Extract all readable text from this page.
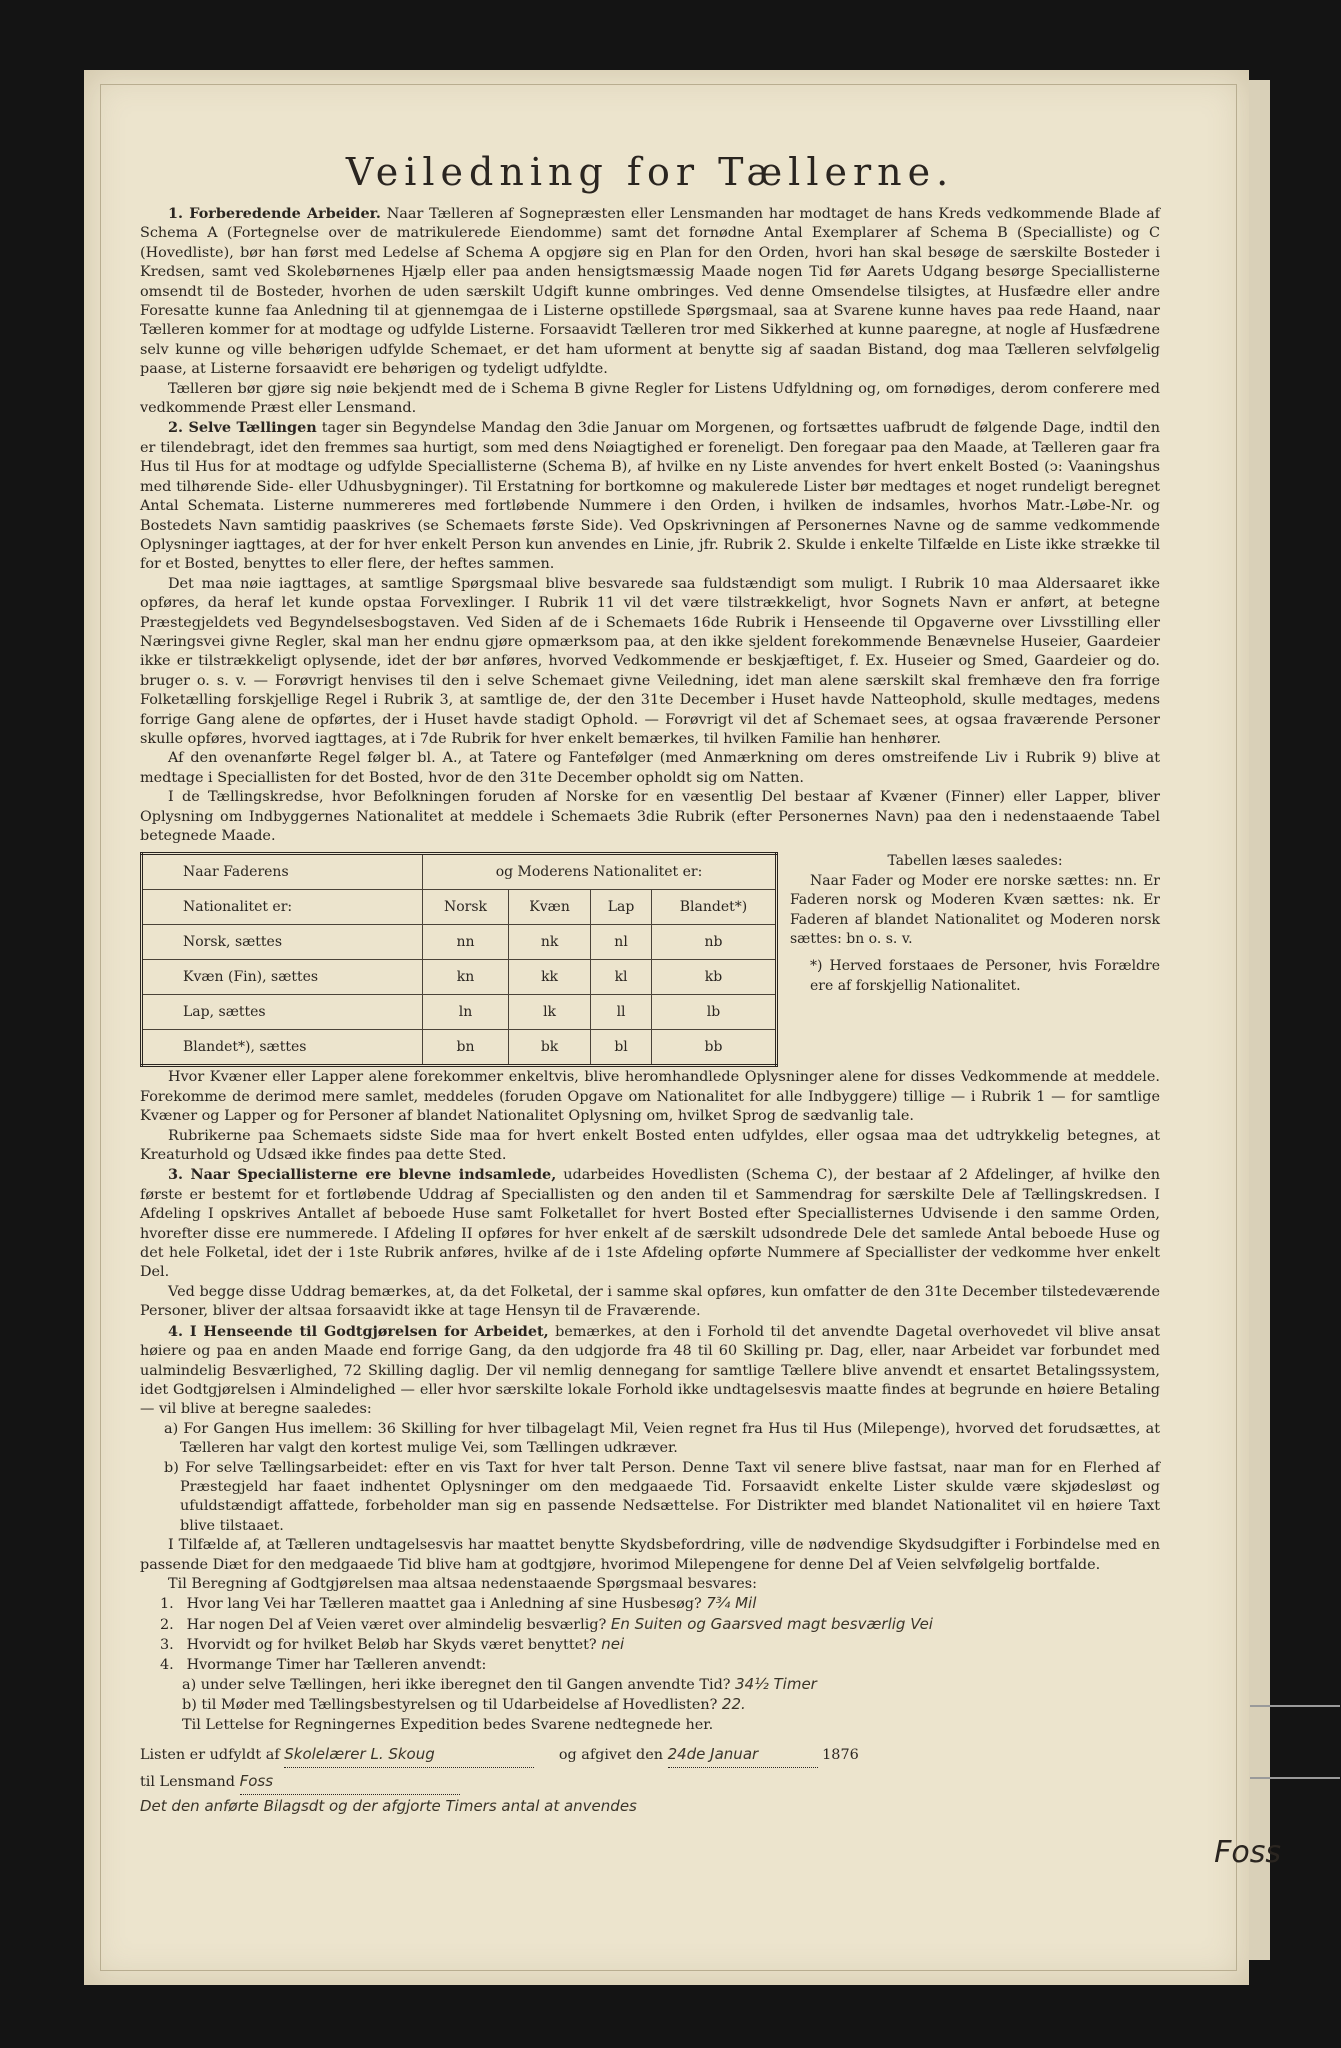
Veiledning for Tællerne.

1. Forberedende Arbeider. Naar Tælleren af Sognepræsten eller Lensmanden har modtaget de hans Kreds vedkommende Blade af Schema A (Fortegnelse over de matrikulerede Eiendomme) samt det fornødne Antal Exemplarer af Schema B (Specialliste) og C (Hovedliste), bør han først med Ledelse af Schema A opgjøre sig en Plan for den Orden, hvori han skal besøge de særskilte Bosteder i Kredsen, samt ved Skolebørnenes Hjælp eller paa anden hensigtsmæssig Maade nogen Tid før Aarets Udgang besørge Speciallisterne omsendt til de Bosteder, hvorhen de uden særskilt Udgift kunne ombringes. Ved denne Omsendelse tilsigtes, at Husfædre eller andre Foresatte kunne faa Anledning til at gjennemgaa de i Listerne opstillede Spørgsmaal, saa at Svarene kunne haves paa rede Haand, naar Tælleren kommer for at modtage og udfylde Listerne. Forsaavidt Tælleren tror med Sikkerhed at kunne paaregne, at nogle af Husfædrene selv kunne og ville behørigen udfylde Schemaet, er det ham uforment at benytte sig af saadan Bistand, dog maa Tælleren selvfølgelig paase, at Listerne forsaavidt ere behørigen og tydeligt udfyldte.

Tælleren bør gjøre sig nøie bekjendt med de i Schema B givne Regler for Listens Udfyldning og, om fornødiges, derom conferere med vedkommende Præst eller Lensmand.

2. Selve Tællingen tager sin Begyndelse Mandag den 3die Januar om Morgenen, og fortsættes uafbrudt de følgende Dage, indtil den er tilendebragt, idet den fremmes saa hurtigt, som med dens Nøiagtighed er foreneligt. Den foregaar paa den Maade, at Tælleren gaar fra Hus til Hus for at modtage og udfylde Speciallisterne (Schema B), af hvilke en ny Liste anvendes for hvert enkelt Bosted (ↄ: Vaaningshus med tilhørende Side- eller Udhusbygninger). Til Erstatning for bortkomne og makulerede Lister bør medtages et noget rundeligt beregnet Antal Schemata. Listerne nummereres med fortløbende Nummere i den Orden, i hvilken de indsamles, hvorhos Matr.-Løbe-Nr. og Bostedets Navn samtidig paaskrives (se Schemaets første Side). Ved Opskrivningen af Personernes Navne og de samme vedkommende Oplysninger iagttages, at der for hver enkelt Person kun anvendes en Linie, jfr. Rubrik 2. Skulde i enkelte Tilfælde en Liste ikke strække til for et Bosted, benyttes to eller flere, der heftes sammen.

Det maa nøie iagttages, at samtlige Spørgsmaal blive besvarede saa fuldstændigt som muligt. I Rubrik 10 maa Aldersaaret ikke opføres, da heraf let kunde opstaa Forvexlinger. I Rubrik 11 vil det være tilstrækkeligt, hvor Sognets Navn er anført, at betegne Præstegjeldets ved Begyndelsesbogstaven. Ved Siden af de i Schemaets 16de Rubrik i Henseende til Opgaverne over Livsstilling eller Næringsvei givne Regler, skal man her endnu gjøre opmærksom paa, at den ikke sjeldent forekommende Benævnelse Huseier, Gaardeier ikke er tilstrækkeligt oplysende, idet der bør anføres, hvorved Vedkommende er beskjæftiget, f. Ex. Huseier og Smed, Gaardeier og do. bruger o. s. v. — Forøvrigt henvises til den i selve Schemaet givne Veiledning, idet man alene særskilt skal fremhæve den fra forrige Folketælling forskjellige Regel i Rubrik 3, at samtlige de, der den 31te December i Huset havde Natteophold, skulle medtages, medens forrige Gang alene de opførtes, der i Huset havde stadigt Ophold. — Forøvrigt vil det af Schemaet sees, at ogsaa fraværende Personer skulle opføres, hvorved iagttages, at i 7de Rubrik for hver enkelt bemærkes, til hvilken Familie han henhører.

Af den ovenanførte Regel følger bl. A., at Tatere og Fantefølger (med Anmærkning om deres omstreifende Liv i Rubrik 9) blive at medtage i Speciallisten for det Bosted, hvor de den 31te December opholdt sig om Natten.

I de Tællingskredse, hvor Befolkningen foruden af Norske for en væsentlig Del bestaar af Kvæner (Finner) eller Lapper, bliver Oplysning om Indbyggernes Nationalitet at meddele i Schemaets 3die Rubrik (efter Personernes Navn) paa den i nedenstaaende Tabel betegnede Maade.

Naar Faderens	og Moderens Nationalitet er:			
Nationalitet er:	Norsk	Kvæn	Lap	Blandet*)
Norsk, sættes	nn	nk	nl	nb
Kvæn (Fin), sættes	kn	kk	kl	kb
Lap, sættes	ln	lk	ll	lb
Blandet*), sættes	bn	bk	bl	bb
Tabellen læses saaledes:
Naar Fader og Moder ere norske sættes: nn. Er Faderen norsk og Moderen Kvæn sættes: nk. Er Faderen af blandet Nationalitet og Moderen norsk sættes: bn o. s. v.
*) Herved forstaaes de Personer, hvis Forældre ere af forskjellig Nationalitet.

Hvor Kvæner eller Lapper alene forekommer enkeltvis, blive heromhandlede Oplysninger alene for disses Vedkommende at meddele. Forekomme de derimod mere samlet, meddeles (foruden Opgave om Nationalitet for alle Indbyggere) tillige — i Rubrik 1 — for samtlige Kvæner og Lapper og for Personer af blandet Nationalitet Oplysning om, hvilket Sprog de sædvanlig tale.

Rubrikerne paa Schemaets sidste Side maa for hvert enkelt Bosted enten udfyldes, eller ogsaa maa det udtrykkelig betegnes, at Kreaturhold og Udsæd ikke findes paa dette Sted.

3. Naar Speciallisterne ere blevne indsamlede, udarbeides Hovedlisten (Schema C), der bestaar af 2 Afdelinger, af hvilke den første er bestemt for et fortløbende Uddrag af Speciallisten og den anden til et Sammendrag for særskilte Dele af Tællingskredsen. I Afdeling I opskrives Antallet af beboede Huse samt Folketallet for hvert Bosted efter Speciallisternes Udvisende i den samme Orden, hvorefter disse ere nummerede. I Afdeling II opføres for hver enkelt af de særskilt udsondrede Dele det samlede Antal beboede Huse og det hele Folketal, idet der i 1ste Rubrik anføres, hvilke af de i 1ste Afdeling opførte Nummere af Speciallister der vedkomme hver enkelt Del.

Ved begge disse Uddrag bemærkes, at, da det Folketal, der i samme skal opføres, kun omfatter de den 31te December tilstedeværende Personer, bliver der altsaa forsaavidt ikke at tage Hensyn til de Fraværende.

4. I Henseende til Godtgjørelsen for Arbeidet, bemærkes, at den i Forhold til det anvendte Dagetal overhovedet vil blive ansat høiere og paa en anden Maade end forrige Gang, da den udgjorde fra 48 til 60 Skilling pr. Dag, eller, naar Arbeidet var forbundet med ualmindelig Besværlighed, 72 Skilling daglig. Der vil nemlig dennegang for samtlige Tællere blive anvendt et ensartet Betalingssystem, idet Godtgjørelsen i Almindelighed — eller hvor særskilte lokale Forhold ikke undtagelsesvis maatte findes at begrunde en høiere Betaling — vil blive at beregne saaledes:

a) For Gangen Hus imellem: 36 Skilling for hver tilbagelagt Mil, Veien regnet fra Hus til Hus (Milepenge), hvorved det forudsættes, at Tælleren har valgt den kortest mulige Vei, som Tællingen udkræver.

b) For selve Tællingsarbeidet: efter en vis Taxt for hver talt Person. Denne Taxt vil senere blive fastsat, naar man for en Flerhed af Præstegjeld har faaet indhentet Oplysninger om den medgaaede Tid. Forsaavidt enkelte Lister skulde være skjødesløst og ufuldstændigt affattede, forbeholder man sig en passende Nedsættelse. For Distrikter med blandet Nationalitet vil en høiere Taxt blive tilstaaet.

I Tilfælde af, at Tælleren undtagelsesvis har maattet benytte Skydsbefordring, ville de nødvendige Skydsudgifter i Forbindelse med en passende Diæt for den medgaaede Tid blive ham at godtgjøre, hvorimod Milepengene for denne Del af Veien selvfølgelig bortfalde.

Til Beregning af Godtgjørelsen maa altsaa nedenstaaende Spørgsmaal besvares:

1. Hvor lang Vei har Tælleren maattet gaa i Anledning af sine Husbesøg? 7¾ Mil

2. Har nogen Del af Veien været over almindelig besværlig? En Suiten og Gaarsved magt besværlig Vei

3. Hvorvidt og for hvilket Beløb har Skyds været benyttet? nei

4. Hvormange Timer har Tælleren anvendt:

a) under selve Tællingen, heri ikke iberegnet den til Gangen anvendte Tid? 34½ Timer

b) til Møder med Tællingsbestyrelsen og til Udarbeidelse af Hovedlisten? 22.

Til Lettelse for Regningernes Expedition bedes Svarene nedtegnede her.

Listen er udfyldt af Skolelærer L. Skoug	og afgivet den 24de Januar	1876

til Lensmand Foss

Det den anførte Bilagsdt og der afgjorte Timers antal at anvendes

Foss
